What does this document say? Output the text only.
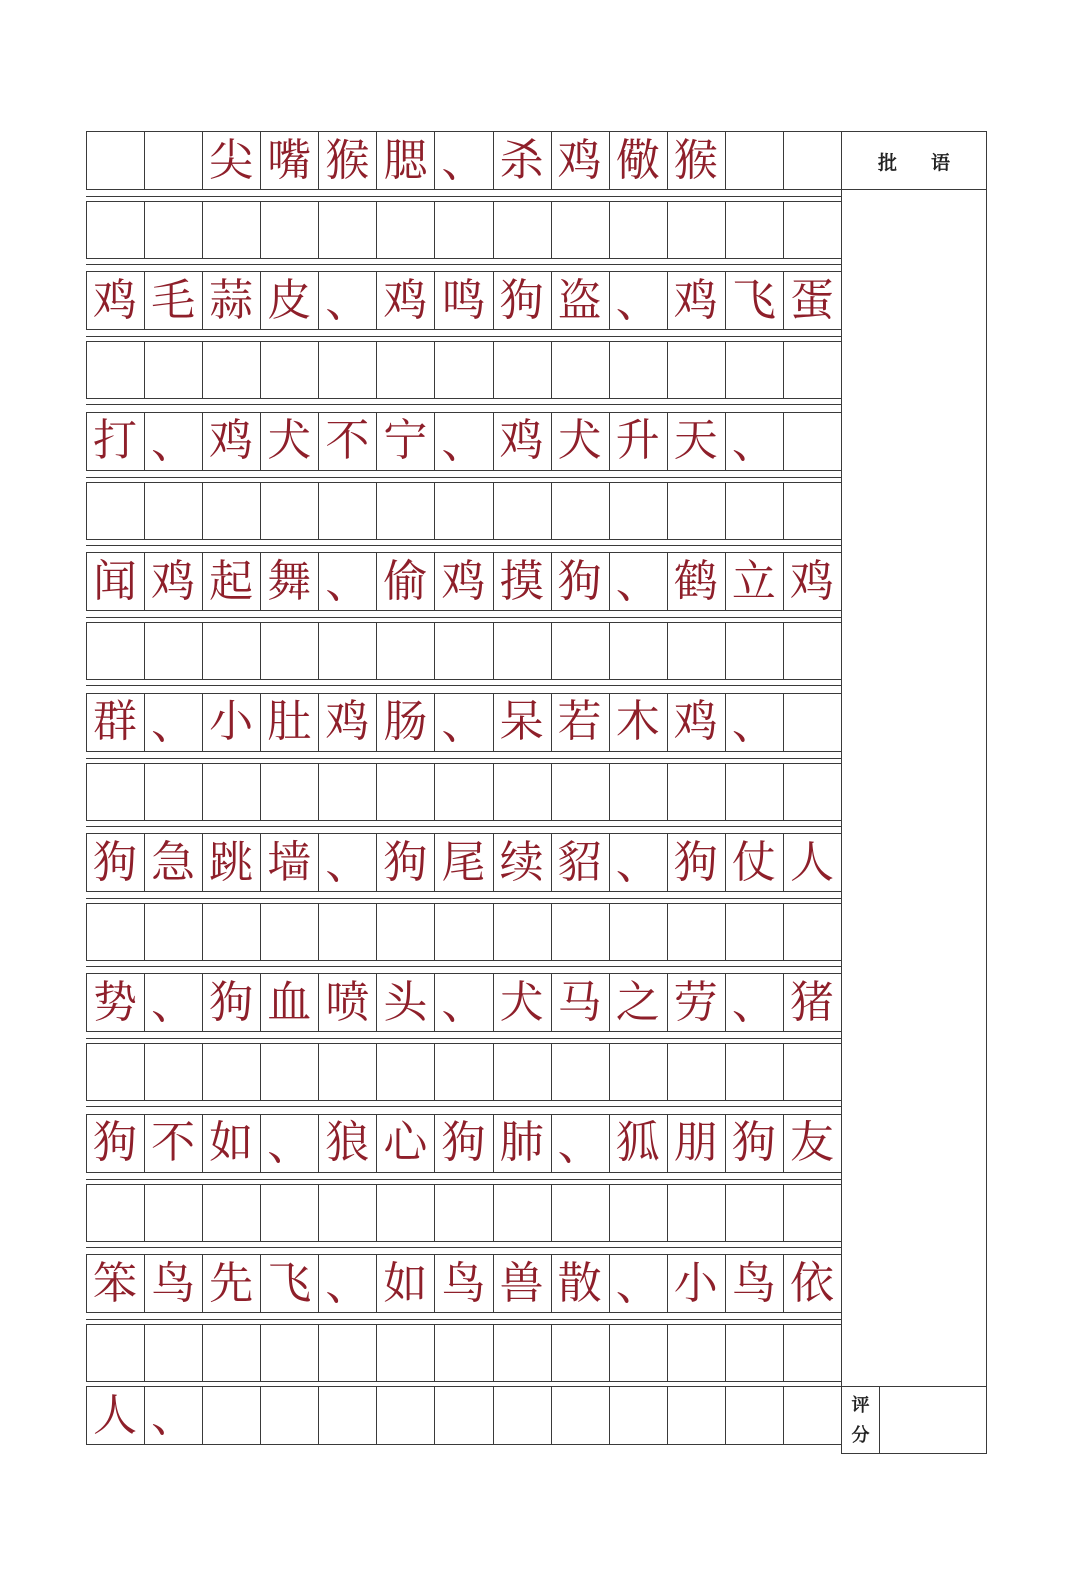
尖 嘴 猴 腮 、 杀 鸡 儆 猴
鸡 毛 蒜 皮 、 鸡 鸣 狗 盗 、 鸡 飞 蛋
打 、 鸡 犬 不 宁 、 鸡 犬 升 天 、
闻 鸡 起 舞 、 偷 鸡 摸 狗 、 鹤 立 鸡
群 、 小 肚 鸡 肠 、 呆 若 木 鸡 、
狗 急 跳 墙 、 狗 尾 续 貂 、 狗 仗 人
势 、 狗 血 喷 头 、 犬 马 之 劳 、 猪
狗 不 如 、 狼 心 狗 肺 、 狐 朋 狗 友
笨 鸟 先 飞 、 如 鸟 兽 散 、 小 鸟 依
人 、
批语
评
分
